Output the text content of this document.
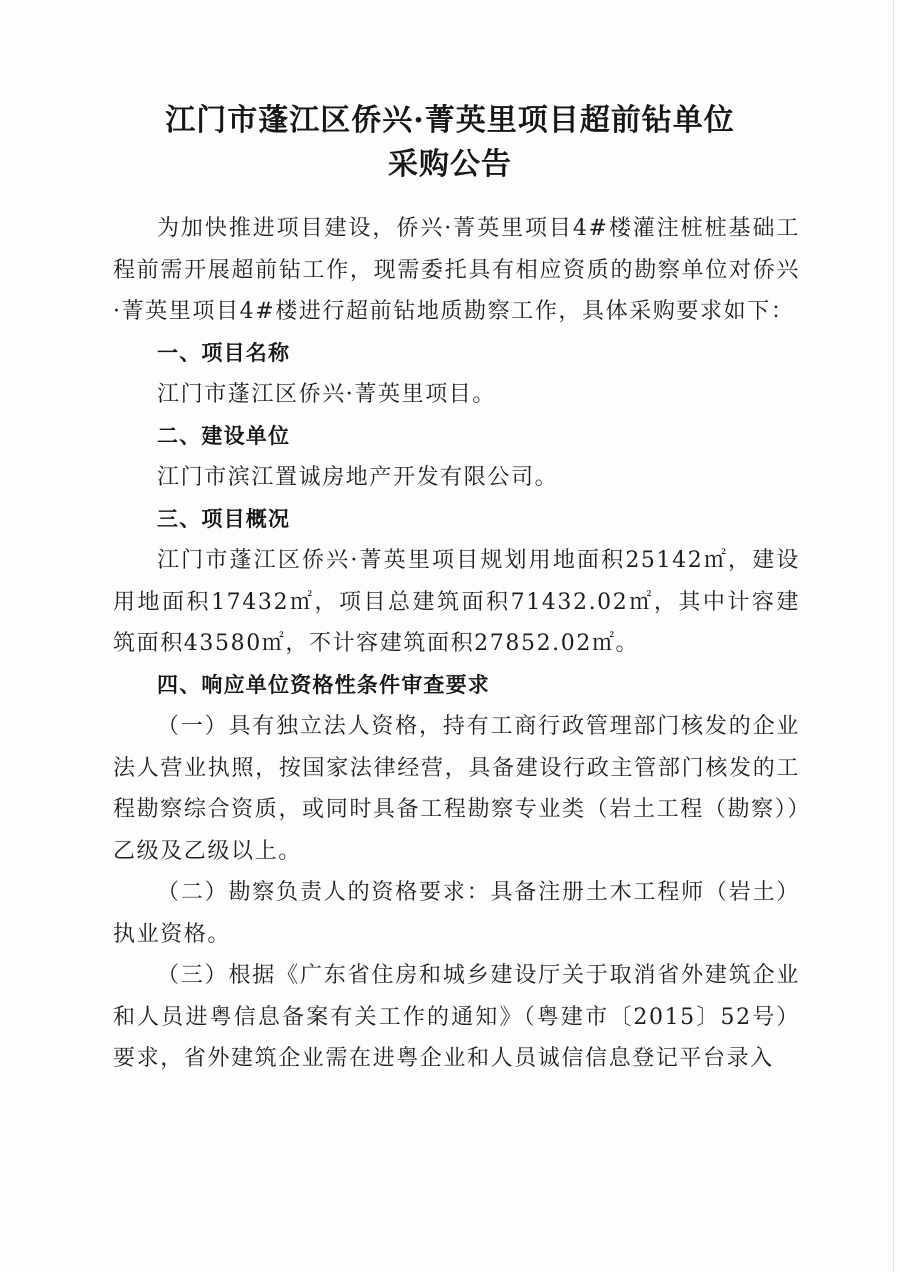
江门市蓬江区侨兴·菁英里项目超前钻单位
采购公告

为加快推进项目建设，侨兴·菁英里项目4#楼灌注桩桩基础工程前需开展超前钻工作，现需委托具有相应资质的勘察单位对侨兴·菁英里项目4#楼进行超前钻地质勘察工作，具体采购要求如下：

一、项目名称

江门市蓬江区侨兴·菁英里项目。

二、建设单位

江门市滨江置诚房地产开发有限公司。

三、项目概况

江门市蓬江区侨兴·菁英里项目规划用地面积25142㎡，建设用地面积17432㎡，项目总建筑面积71432.02㎡，其中计容建筑面积43580㎡，不计容建筑面积27852.02㎡。

四、响应单位资格性条件审查要求

（一）具有独立法人资格，持有工商行政管理部门核发的企业法人营业执照，按国家法律经营，具备建设行政主管部门核发的工程勘察综合资质，或同时具备工程勘察专业类（岩土工程（勘察））乙级及乙级以上。

（二）勘察负责人的资格要求：具备注册土木工程师（岩土）执业资格。

（三）根据《广东省住房和城乡建设厅关于取消省外建筑企业和人员进粤信息备案有关工作的通知》（粤建市〔2015〕52号）要求，省外建筑企业需在进粤企业和人员诚信信息登记平台录入
